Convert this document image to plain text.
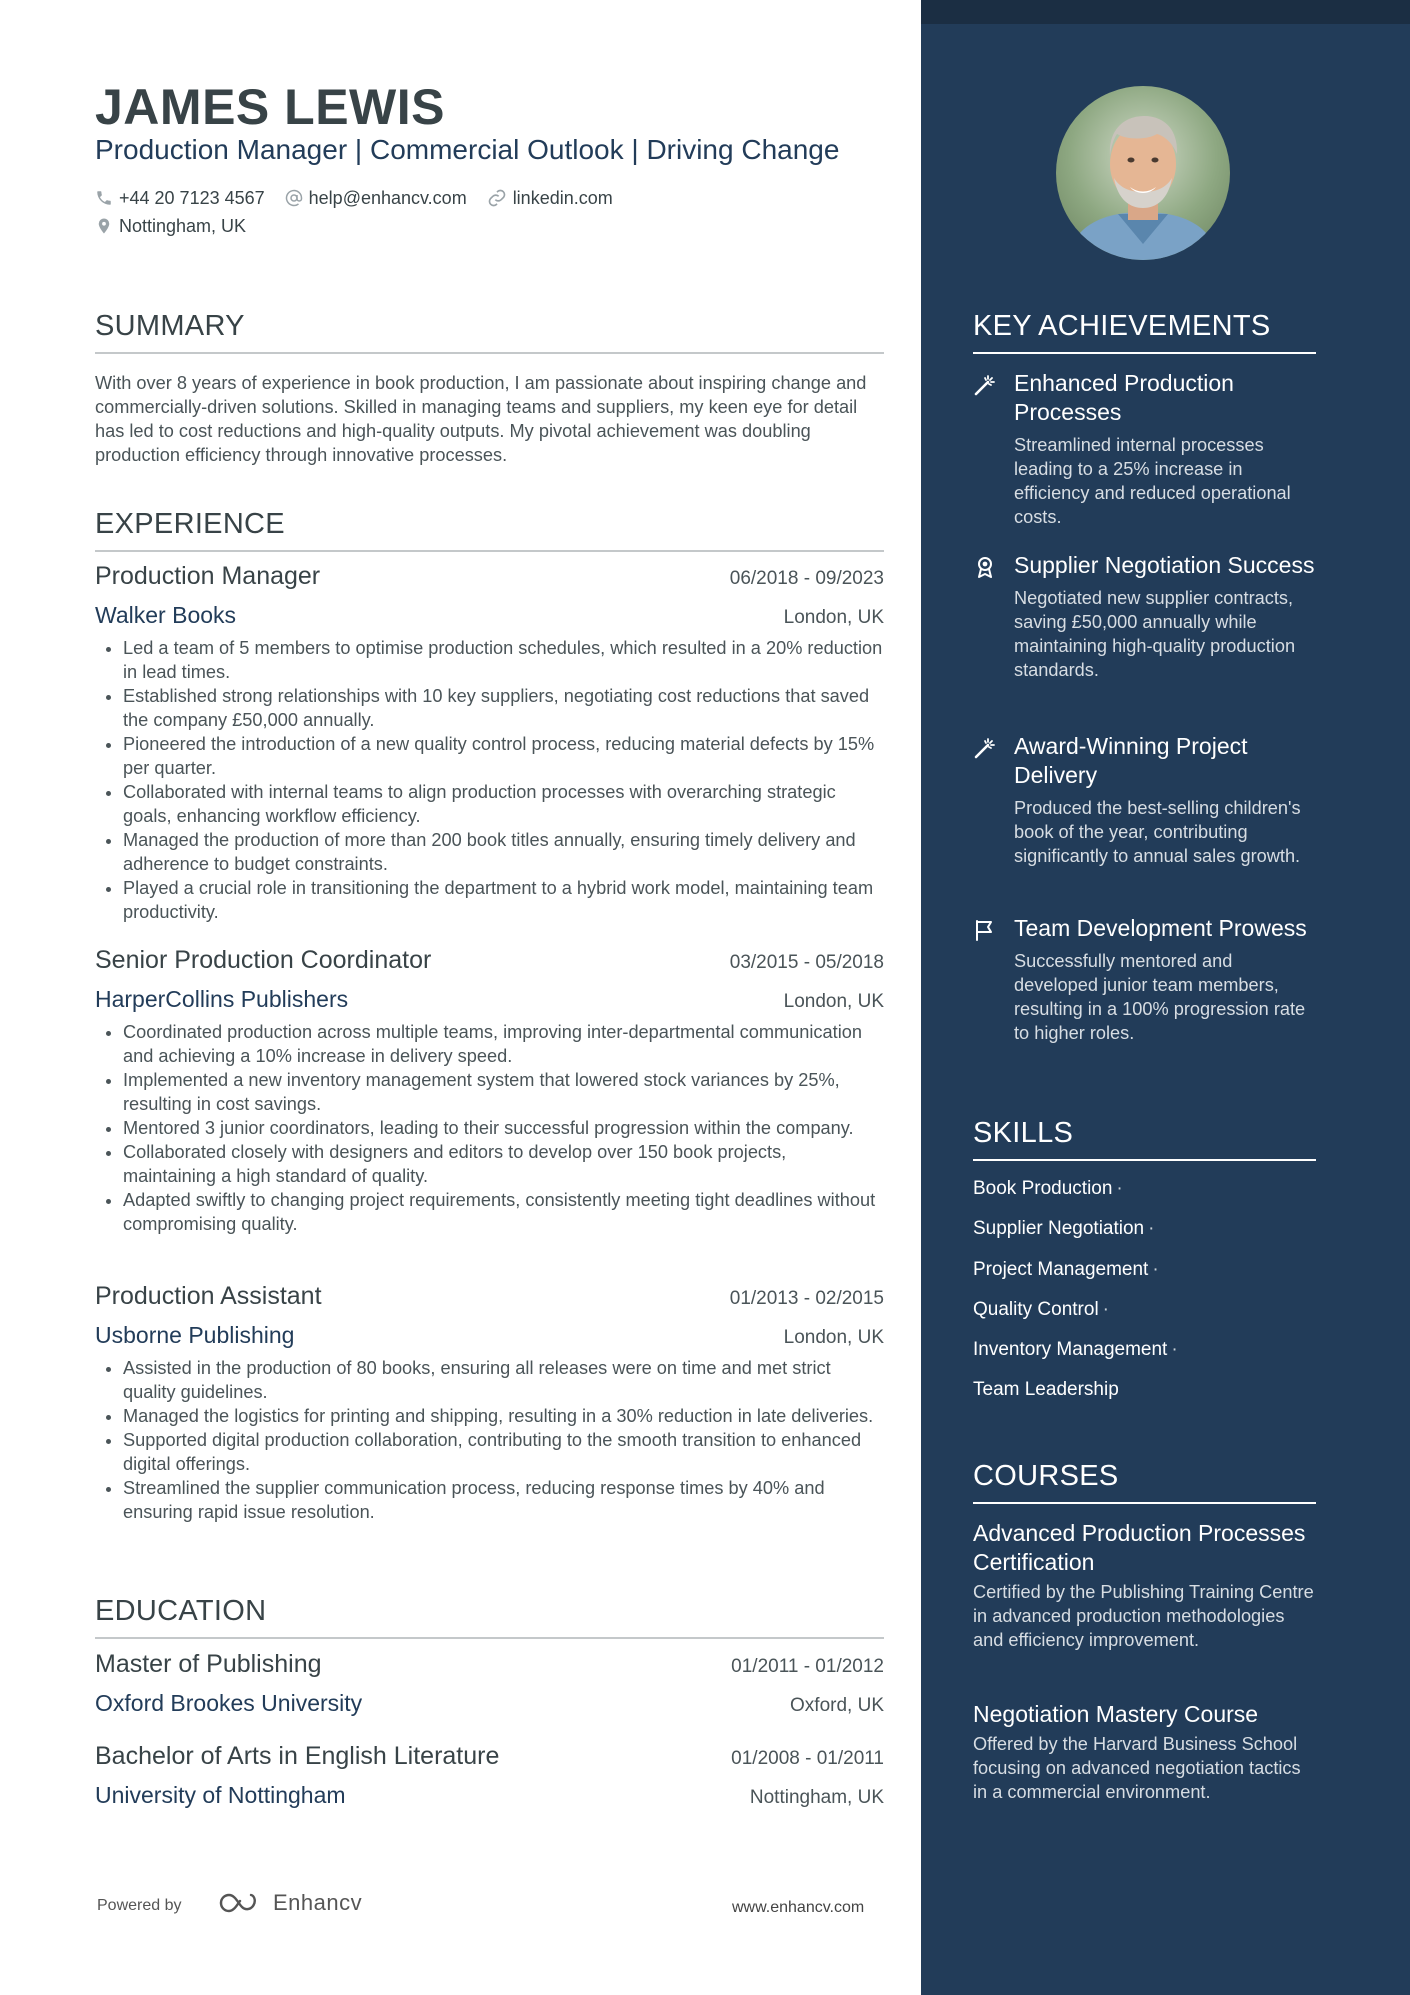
JAMES LEWIS
Production Manager | Commercial Outlook | Driving Change
+44 20 7123 4567 help@enhancv.com	linkedin.com
Nottingham, UK
SUMMARY
With over 8 years of experience in book production, I am passionate about inspiring change and commercially-driven solutions. Skilled in managing teams and suppliers, my keen eye for detail has led to cost reductions and high-quality outputs. My pivotal achievement was doubling production efficiency through innovative processes.
EXPERIENCE
Production Manager	06/2018 - 09/2023
Walker Books	London, UK
• Led a team of 5 members to optimise production schedules, which resulted in a 20% reduction in lead times.
• Established strong relationships with 10 key suppliers, negotiating cost reductions that saved the company £50,000 annually.
• Pioneered the introduction of a new quality control process, reducing material defects by 15% per quarter.
• Collaborated with internal teams to align production processes with overarching strategic goals, enhancing workflow efficiency.
• Managed the production of more than 200 book titles annually, ensuring timely delivery and adherence to budget constraints.
• Played a crucial role in transitioning the department to a hybrid work model, maintaining team productivity.
Senior Production Coordinator	03/2015 - 05/2018
HarperCollins Publishers	London, UK
• Coordinated production across multiple teams, improving inter-departmental communication and achieving a 10% increase in delivery speed.
• Implemented a new inventory management system that lowered stock variances by 25%, resulting in cost savings.
• Mentored 3 junior coordinators, leading to their successful progression within the company.
• Collaborated closely with designers and editors to develop over 150 book projects, maintaining a high standard of quality.
• Adapted swiftly to changing project requirements, consistently meeting tight deadlines without compromising quality.
Production Assistant	01/2013 - 02/2015
Usborne Publishing	London, UK
• Assisted in the production of 80 books, ensuring all releases were on time and met strict quality guidelines.
• Managed the logistics for printing and shipping, resulting in a 30% reduction in late deliveries.
• Supported digital production collaboration, contributing to the smooth transition to enhanced digital offerings.
• Streamlined the supplier communication process, reducing response times by 40% and ensuring rapid issue resolution.
EDUCATION
Master of Publishing	01/2011 - 01/2012
Oxford Brookes University	Oxford, UK
Bachelor of Arts in English Literature	01/2008 - 01/2011
University of Nottingham	Nottingham, UK
Powered by	Enhancv	www.enhancv.com
KEY ACHIEVEMENTS
Enhanced Production Processes
Streamlined internal processes leading to a 25% increase in efficiency and reduced operational costs.
Supplier Negotiation Success
Negotiated new supplier contracts, saving £50,000 annually while maintaining high-quality production standards.
Award-Winning Project Delivery
Produced the best-selling children's book of the year, contributing significantly to annual sales growth.
Team Development Prowess
Successfully mentored and developed junior team members, resulting in a 100% progression rate to higher roles.
SKILLS
Book Production ·
Supplier Negotiation ·
Project Management ·
Quality Control ·
Inventory Management ·
Team Leadership
COURSES
Advanced Production Processes Certification
Certified by the Publishing Training Centre in advanced production methodologies and efficiency improvement.
Negotiation Mastery Course
Offered by the Harvard Business School focusing on advanced negotiation tactics in a commercial environment.
